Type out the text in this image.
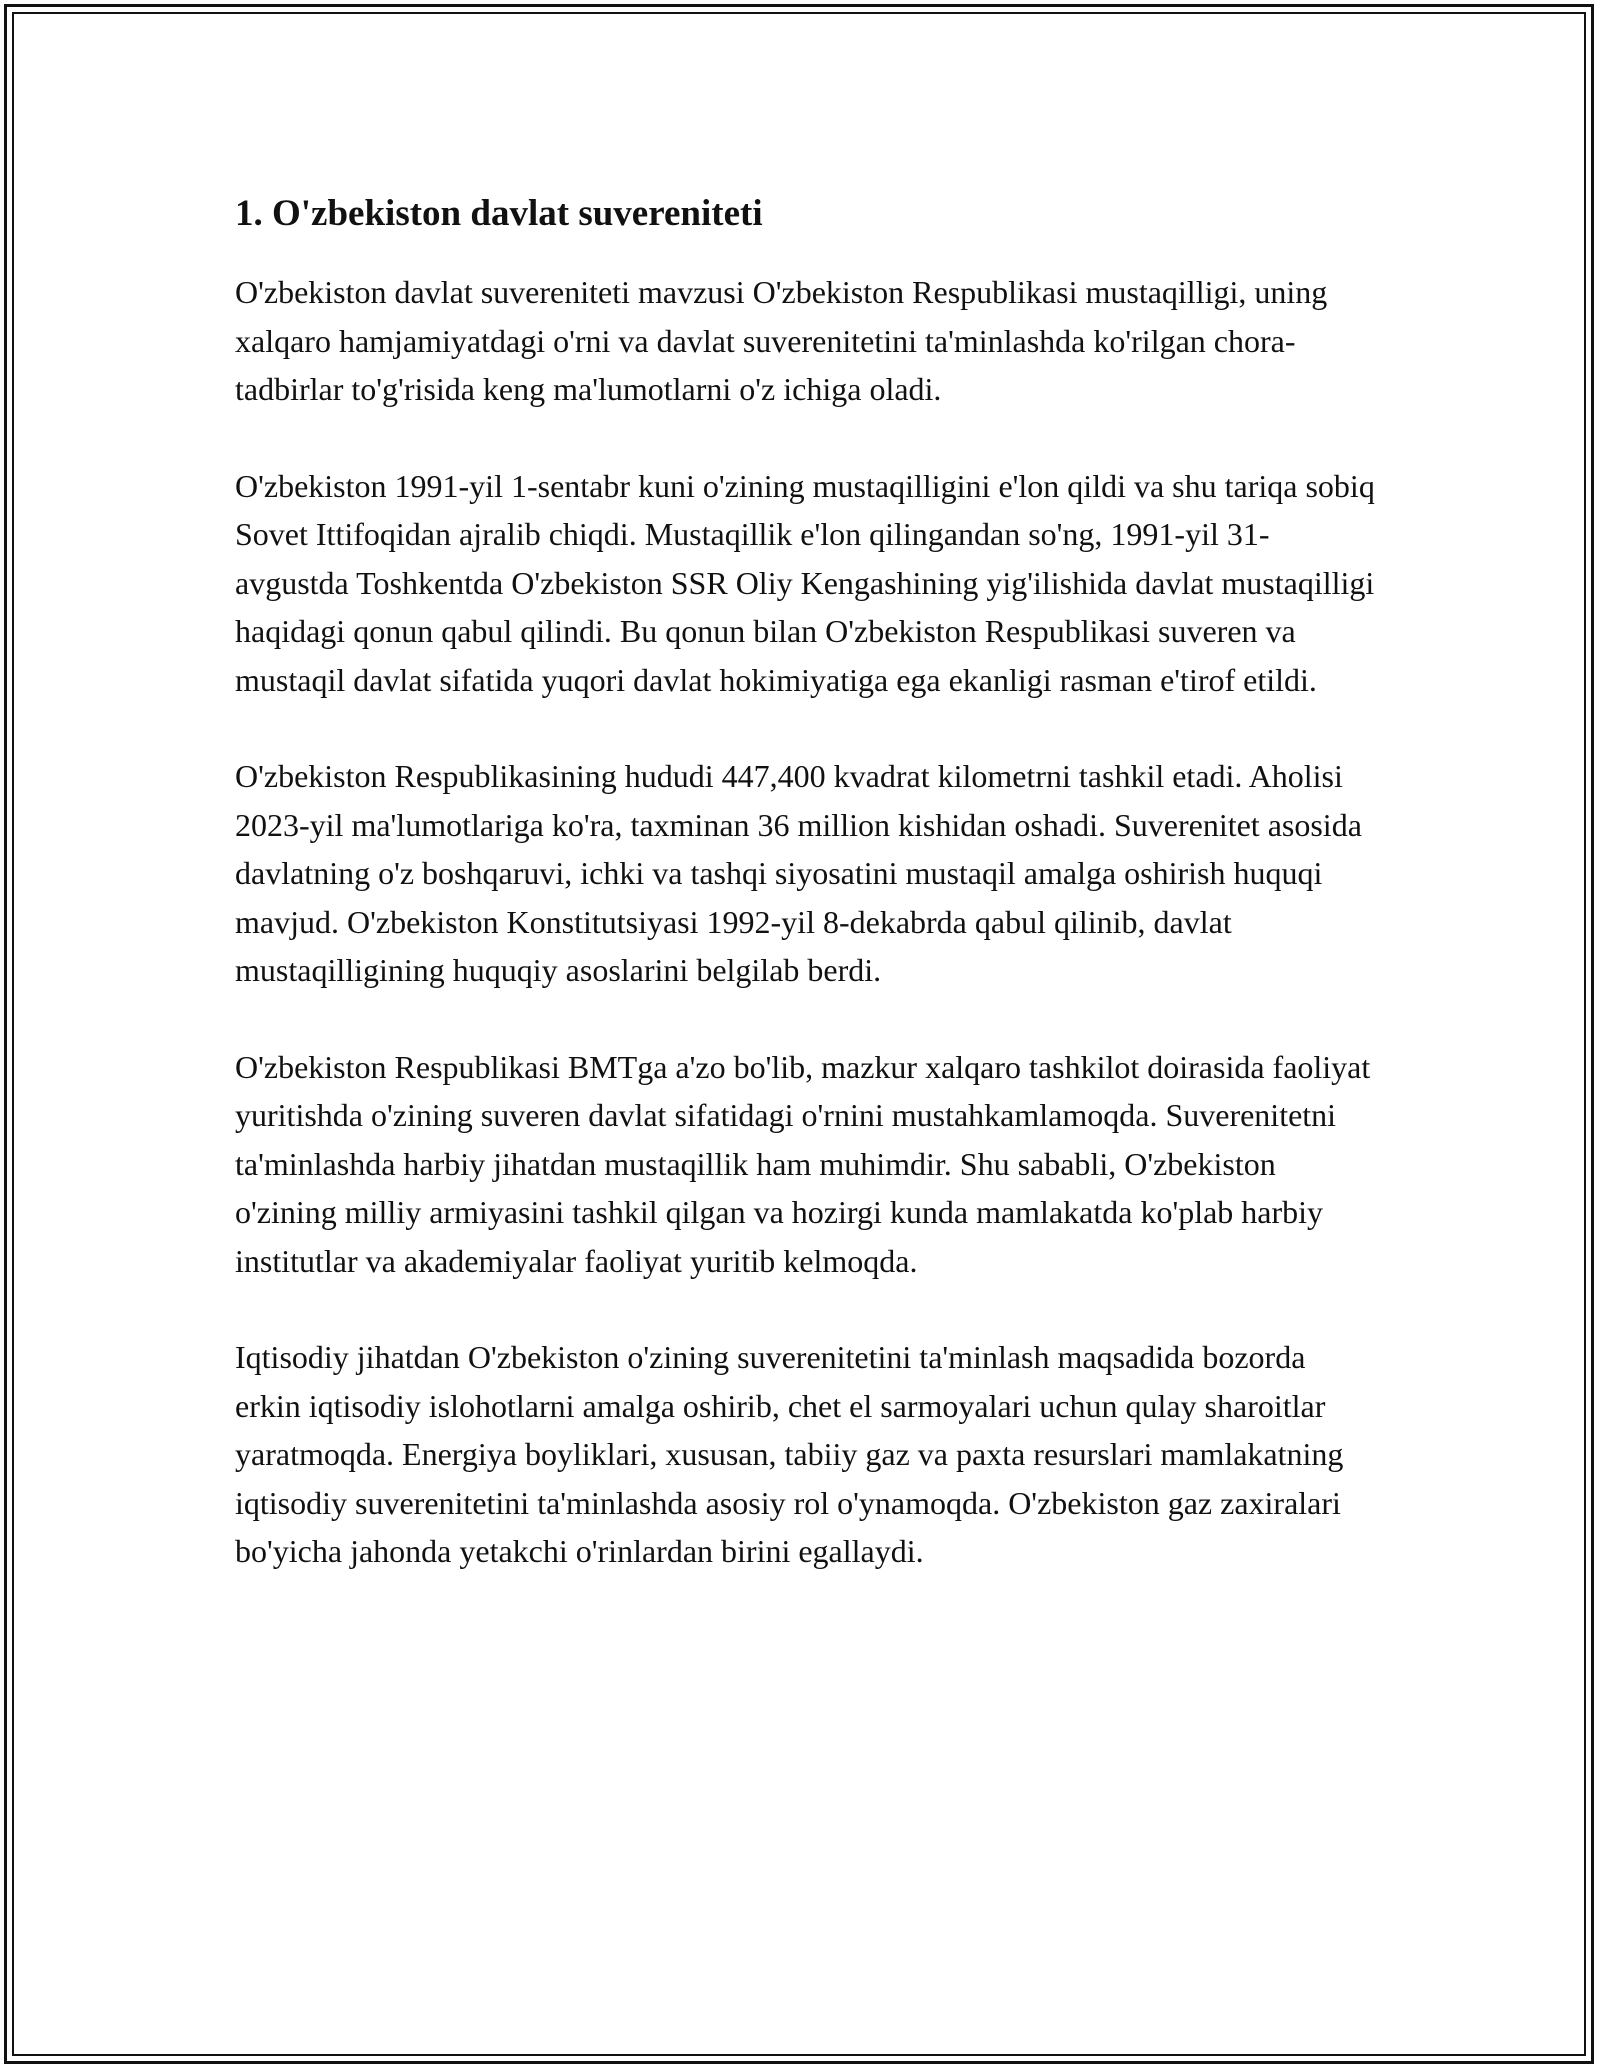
1. O'zbekiston davlat suvereniteti

O'zbekiston davlat suvereniteti mavzusi O'zbekiston Respublikasi mustaqilligi, uning xalqaro hamjamiyatdagi o'rni va davlat suverenitetini ta'minlashda ko'rilgan chora-tadbirlar to'g'risida keng ma'lumotlarni o'z ichiga oladi.

O'zbekiston 1991-yil 1-sentabr kuni o'zining mustaqilligini e'lon qildi va shu tariqa sobiq Sovet Ittifoqidan ajralib chiqdi. Mustaqillik e'lon qilingandan so'ng, 1991-yil 31-avgustda Toshkentda O'zbekiston SSR Oliy Kengashining yig'ilishida davlat mustaqilligi haqidagi qonun qabul qilindi. Bu qonun bilan O'zbekiston Respublikasi suveren va mustaqil davlat sifatida yuqori davlat hokimiyatiga ega ekanligi rasman e'tirof etildi.

O'zbekiston Respublikasining hududi 447,400 kvadrat kilometrni tashkil etadi. Aholisi 2023-yil ma'lumotlariga ko'ra, taxminan 36 million kishidan oshadi. Suverenitet asosida davlatning o'z boshqaruvi, ichki va tashqi siyosatini mustaqil amalga oshirish huquqi mavjud. O'zbekiston Konstitutsiyasi 1992-yil 8-dekabrda qabul qilinib, davlat mustaqilligining huquqiy asoslarini belgilab berdi.

O'zbekiston Respublikasi BMTga a'zo bo'lib, mazkur xalqaro tashkilot doirasida faoliyat yuritishda o'zining suveren davlat sifatidagi o'rnini mustahkamlamoqda. Suverenitetni ta'minlashda harbiy jihatdan mustaqillik ham muhimdir. Shu sababli, O'zbekiston o'zining milliy armiyasini tashkil qilgan va hozirgi kunda mamlakatda ko'plab harbiy institutlar va akademiyalar faoliyat yuritib kelmoqda.

Iqtisodiy jihatdan O'zbekiston o'zining suverenitetini ta'minlash maqsadida bozorda erkin iqtisodiy islohotlarni amalga oshirib, chet el sarmoyalari uchun qulay sharoitlar yaratmoqda. Energiya boyliklari, xususan, tabiiy gaz va paxta resurslari mamlakatning iqtisodiy suverenitetini ta'minlashda asosiy rol o'ynamoqda. O'zbekiston gaz zaxiralari bo'yicha jahonda yetakchi o'rinlardan birini egallaydi.
